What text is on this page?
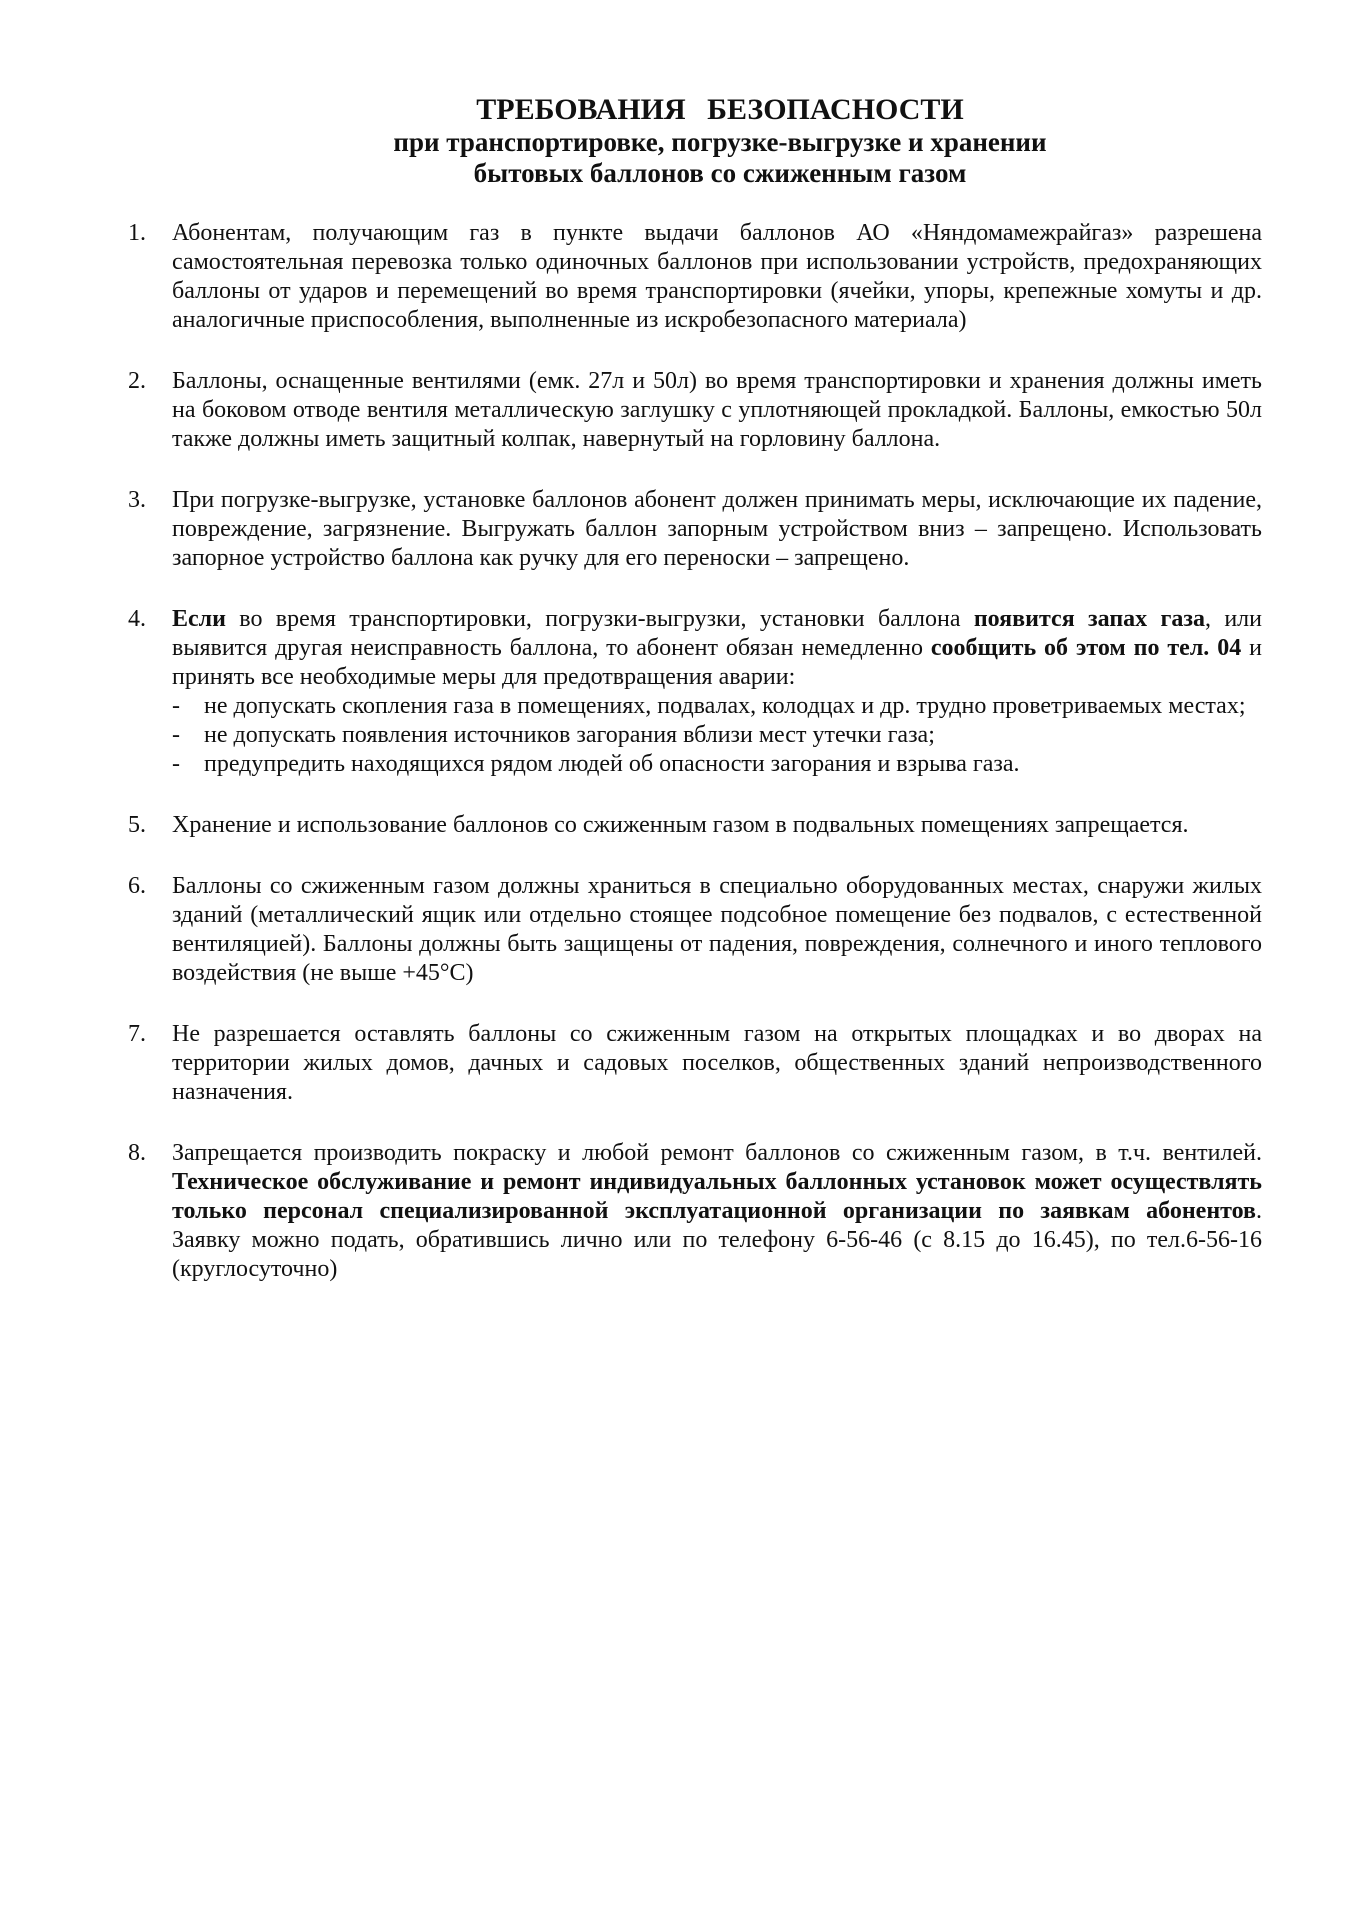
ТРЕБОВАНИЯ БЕЗОПАСНОСТИ
при транспортировке, погрузке-выгрузке и хранении
бытовых баллонов со сжиженным газом
1. Абонентам, получающим газ в пункте выдачи баллонов АО «Няндомамежрайгаз» разрешена самостоятельная перевозка только одиночных баллонов при использовании устройств, предохраняющих баллоны от ударов и перемещений во время транспортировки (ячейки, упоры, крепежные хомуты и др. аналогичные приспособления, выполненные из искробезопасного материала)

2. Баллоны, оснащенные вентилями (емк. 27л и 50л) во время транспортировки и хранения должны иметь на боковом отводе вентиля металлическую заглушку с уплотняющей прокладкой. Баллоны, емкостью 50л также должны иметь защитный колпак, навернутый на горловину баллона.

3. При погрузке-выгрузке, установке баллонов абонент должен принимать меры, исключающие их падение, повреждение, загрязнение. Выгружать баллон запорным устройством вниз – запрещено. Использовать запорное устройство баллона как ручку для его переноски – запрещено.

4. Если во время транспортировки, погрузки-выгрузки, установки баллона появится запах газа, или выявится другая неисправность баллона, то абонент обязан немедленно сообщить об этом по тел. 04 и принять все необходимые меры для предотвращения аварии:

- не допускать скопления газа в помещениях, подвалах, колодцах и др. трудно проветриваемых местах;
- не допускать появления источников загорания вблизи мест утечки газа;
- предупредить находящихся рядом людей об опасности загорания и взрыва газа.
5. Хранение и использование баллонов со сжиженным газом в подвальных помещениях запрещается.

6. Баллоны со сжиженным газом должны храниться в специально оборудованных местах, снаружи жилых зданий (металлический ящик или отдельно стоящее подсобное помещение без подвалов, с естественной вентиляцией). Баллоны должны быть защищены от падения, повреждения, солнечного и иного теплового воздействия (не выше +45°С)

7. Не разрешается оставлять баллоны со сжиженным газом на открытых площадках и во дворах на территории жилых домов, дачных и садовых поселков, общественных зданий непроизводственного назначения.

8. Запрещается производить покраску и любой ремонт баллонов со сжиженным газом, в т.ч. вентилей. Техническое обслуживание и ремонт индивидуальных баллонных установок может осуществлять только персонал специализированной эксплуатационной организации по заявкам абонентов. Заявку можно подать, обратившись лично или по телефону 6-56-46 (с 8.15 до 16.45), по тел.6-56-16 (круглосуточно)
